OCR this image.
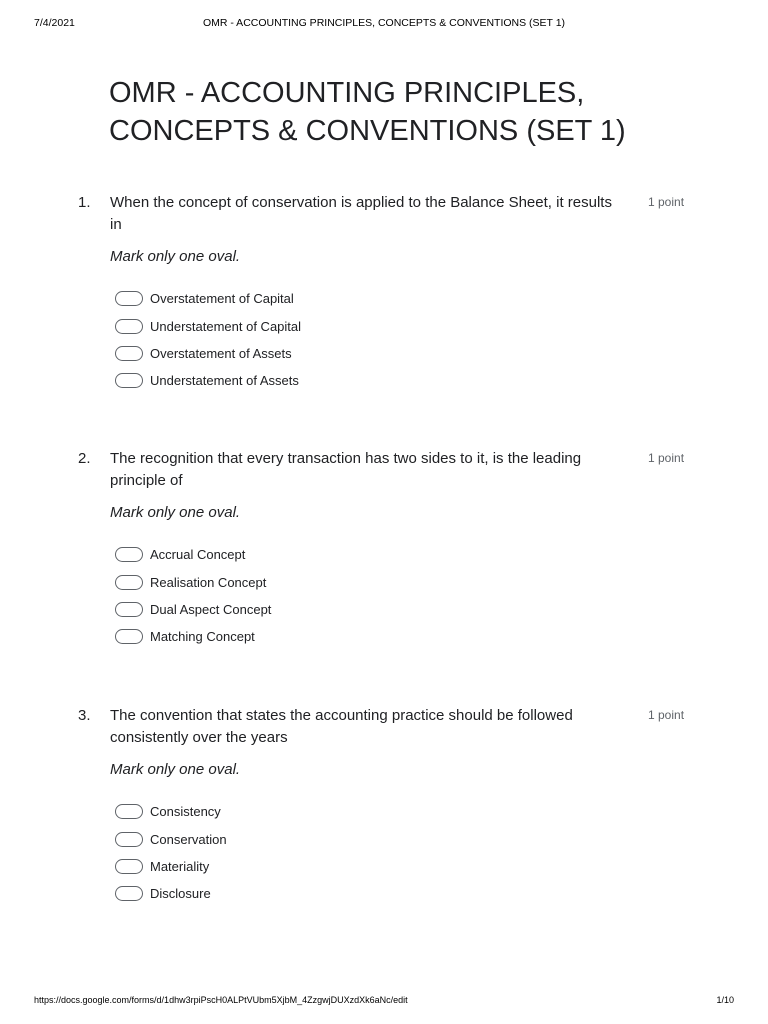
7/4/2021	OMR - ACCOUNTING PRINCIPLES, CONCEPTS & CONVENTIONS (SET 1)
OMR - ACCOUNTING PRINCIPLES,
CONCEPTS & CONVENTIONS (SET 1)
1. When the concept of conservation is applied to the Balance Sheet, it results in
1 point
Mark only one oval.
Overstatement of Capital
Understatement of Capital
Overstatement of Assets
Understatement of Assets
2. The recognition that every transaction has two sides to it, is the leading principle of
1 point
Mark only one oval.
Accrual Concept
Realisation Concept
Dual Aspect Concept
Matching Concept
3. The convention that states the accounting practice should be followed consistently over the years
1 point
Mark only one oval.
Consistency
Conservation
Materiality
Disclosure
https://docs.google.com/forms/d/1dhw3rpiPscH0ALPtVUbm5XjbM_4ZzgwjDUXzdXk6aNc/edit	1/10
